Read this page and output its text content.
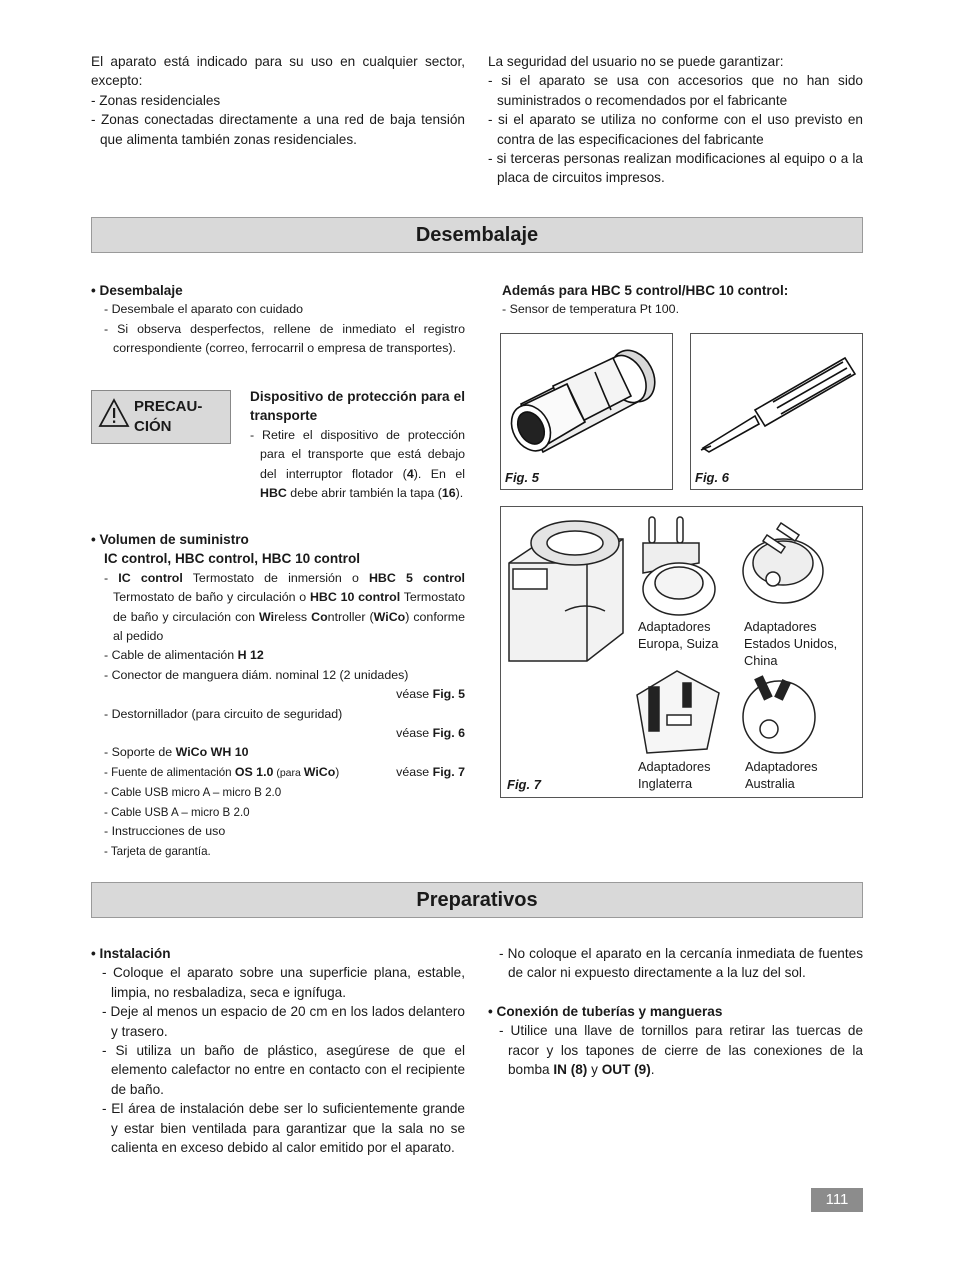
El aparato está indicado para su uso en cualquier sector, excepto:
- Zonas residenciales
- Zonas conectadas directamente a una red de baja tensión que alimenta también zonas residenciales.
La seguridad del usuario no se puede garantizar:
- si el aparato se usa con accesorios que no han sido suministrados o recomendados por el fabricante
- si el aparato se utiliza no conforme con el uso previsto en contra de las especificaciones del fabricante
- si terceras personas realizan modificaciones al equipo o a la placa de circuitos impresos.
Desembalaje
• Desembalaje
- Desembale el aparato con cuidado
- Si observa desperfectos, rellene de inmediato el registro correspondiente (correo, ferrocarril o empresa de transportes).
PRECAU-CIÓN
Dispositivo de protección para el transporte
- Retire el dispositivo de protección para el transporte que está debajo del interruptor flotador (4). En el HBC debe abrir también la tapa (16).
• Volumen de suministro
IC control, HBC control, HBC 10 control
- IC control Termostato de inmersión o HBC 5 control
Termostato de baño y circulación o HBC 10 control Termostato de baño y circulación con Wireless Controller (WiCo) conforme al pedido
- Cable de alimentación H 12
- Conector de manguera diám. nominal 12 (2 unidades)
véase Fig. 5
- Destornillador (para circuito de seguridad)
véase Fig. 6
- Soporte de WiCo WH 10
- Fuente de alimentación OS 1.0 (para WiCo)	véase Fig. 7
- Cable USB micro A – micro B 2.0
- Cable USB A – micro B 2.0
- Instrucciones de uso
- Tarjeta de garantía.
Además para HBC 5 control/HBC 10 control:
- Sensor de temperatura Pt 100.
Fig. 5	Fig. 6
Adaptadores
Europa, Suiza
Adaptadores
Estados Unidos,
China
Adaptadores
Inglaterra
Adaptadores
Australia
Fig. 7
Preparativos
• Instalación
- Coloque el aparato sobre una superficie plana, estable, limpia, no resbaladiza, seca e ignífuga.
- Deje al menos un espacio de 20 cm en los lados delantero y trasero.
- Si utiliza un baño de plástico, asegúrese de que el elemento calefactor no entre en contacto con el recipiente de baño.
- El área de instalación debe ser lo suficientemente grande y estar bien ventilada para garantizar que la sala no se calienta en exceso debido al calor emitido por el aparato.
- No coloque el aparato en la cercanía inmediata de fuentes de calor ni expuesto directamente a la luz del sol.
• Conexión de tuberías y mangueras
- Utilice una llave de tornillos para retirar las tuercas de racor y los tapones de cierre de las conexiones de la bomba IN (8) y OUT (9).
111
